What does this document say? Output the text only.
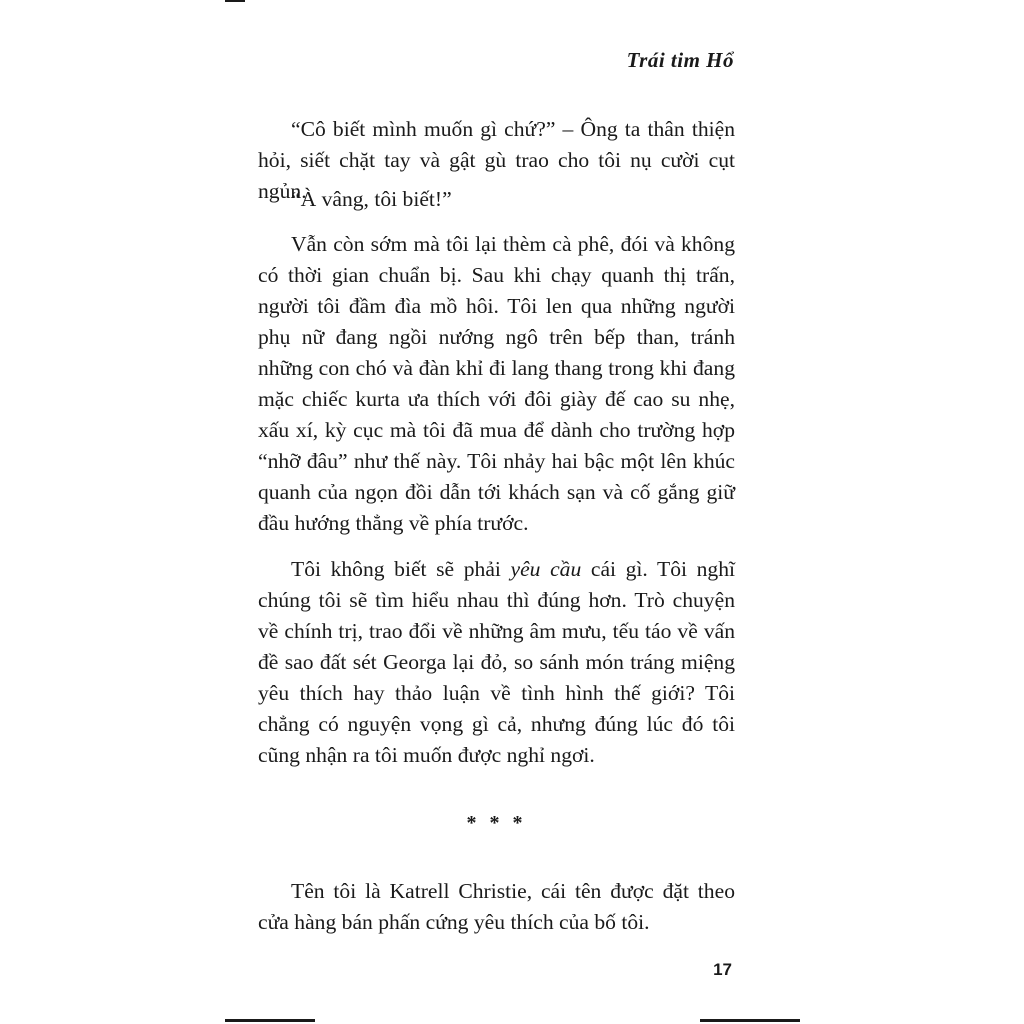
Trái tim Hổ

“Cô biết mình muốn gì chứ?” – Ông ta thân thiện hỏi, siết chặt tay và gật gù trao cho tôi nụ cười cụt ngủn.

“À vâng, tôi biết!”

Vẫn còn sớm mà tôi lại thèm cà phê, đói và không có thời gian chuẩn bị. Sau khi chạy quanh thị trấn, người tôi đầm đìa mồ hôi. Tôi len qua những người phụ nữ đang ngồi nướng ngô trên bếp than, tránh những con chó và đàn khỉ đi lang thang trong khi đang mặc chiếc kurta ưa thích với đôi giày đế cao su nhẹ, xấu xí, kỳ cục mà tôi đã mua để dành cho trường hợp “nhỡ đâu” như thế này. Tôi nhảy hai bậc một lên khúc quanh của ngọn đồi dẫn tới khách sạn và cố gắng giữ đầu hướng thẳng về phía trước.

Tôi không biết sẽ phải yêu cầu cái gì. Tôi nghĩ chúng tôi sẽ tìm hiểu nhau thì đúng hơn. Trò chuyện về chính trị, trao đổi về những âm mưu, tếu táo về vấn đề sao đất sét Georga lại đỏ, so sánh món tráng miệng yêu thích hay thảo luận về tình hình thế giới? Tôi chẳng có nguyện vọng gì cả, nhưng đúng lúc đó tôi cũng nhận ra tôi muốn được nghỉ ngơi.

* * *

Tên tôi là Katrell Christie, cái tên được đặt theo cửa hàng bán phấn cứng yêu thích của bố tôi.

17
